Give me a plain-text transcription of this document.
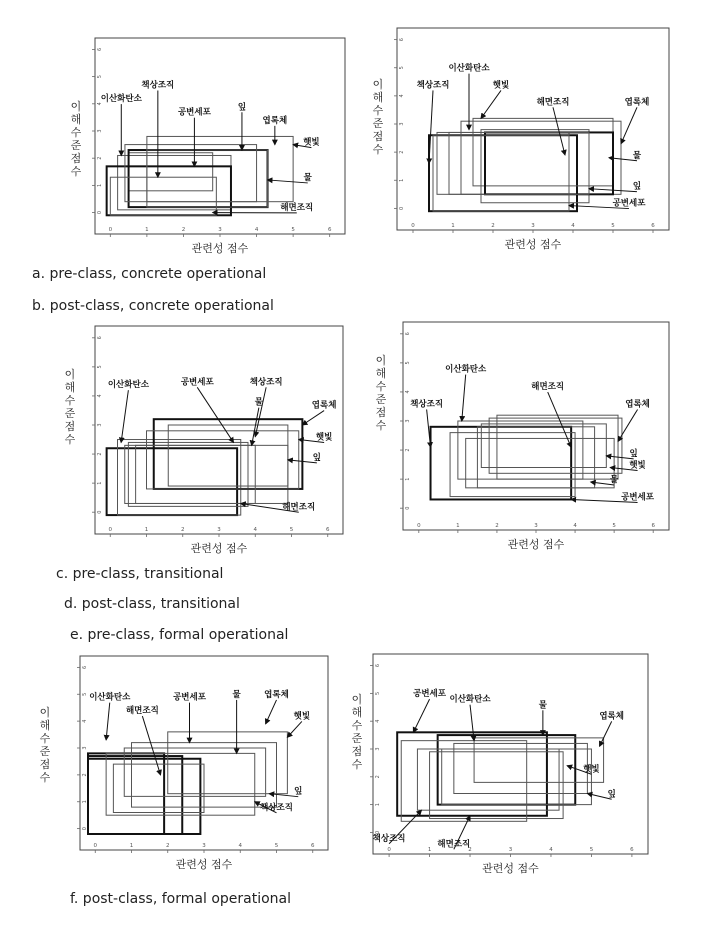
0	1	2	3	4	5	6
0
1
2
3
4
5
6
이산화탄소
책상조직
공변세포
잎
엽록체
햇빛
물
해면조직
관련성 점수
이
해
수
준
점
수
0	1	2	3	4	5	6
0
1
2
3
4
5
6
책상조직
이산화탄소
햇빛
해면조직	엽록체
물
잎
공변세포
관련성 점수
이
해
수
준
점
수
0	1	2	3	4	5	6
0
1
2
3
4
5
6
이산화탄소
엽록체
공변세포	책상조직
물
햇빛
잎
해면조직
관련성 점수
이
해
수
준
점
수
0	1	2	3	4	5	6
0
1
2
3
4
5
6
이산화탄소
책상조직
해면조직
엽록체
잎
햇빛
물
공변세포
관련성 점수
이
해
수
준
점
수
0	1	2	3	4	5	6
0
1
2
3
4
5
6
이산화탄소
해면조직
공변세포	물	엽록체
햇빛
잎
책상조직
관련성 점수
이
해
수
준
점
수
0	1	2	3	4	5	6
0
1
2
3
4
5
6
공변세포
이산화탄소
물
엽록체
햇빛
잎
책상조직
해면조직
관련성 점수
이
해
수
준
점
수
a. pre-class, concrete operational
b. post-class, concrete operational
c. pre-class, transitional
d. post-class, transitional
e. pre-class, formal operational
f. post-class, formal operational
